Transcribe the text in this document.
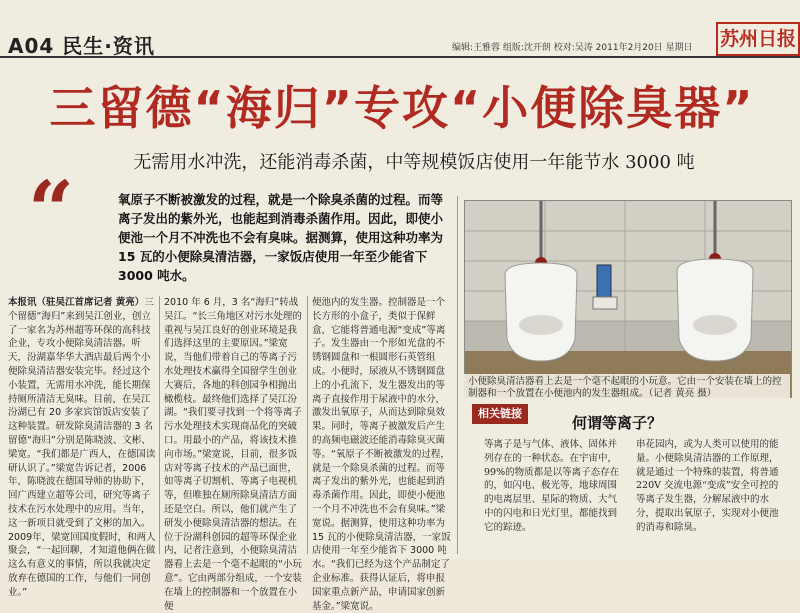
A04 民生·资讯	编辑:王雅蓉 组版:沈开朗 校对:吴涛 2011年2月20日 星期日 苏州日报
三留德“海归”专攻“小便除臭器”
无需用水冲洗，还能消毒杀菌，中等规模饭店使用一年能节水 3000 吨
“	氧原子不断被激发的过程，就是一个除臭杀菌的过程。而等离子发出的紫外光，也能起到消毒杀菌作用。因此，即使小便池一个月不冲洗也不会有臭味。据测算，使用这种功率为 15 瓦的小便除臭清洁器，一家饭店使用一年至少能省下 3000 吨水。
本报讯（驻吴江首席记者 黄亮）三个留德“海归”来到吴江创业，创立了一家名为苏州超等环保的高科技企业，专攻小便除臭清洁器。听天，汾湖嘉华华大酒店最后两个小便除臭清洁器安装完毕。经过这个小装置，无需用水冲洗，能长期保持厕所清洁无臭味。目前，在吴江汾湖已有 20 多家宾馆饭店安装了这种装置。研发除臭清洁器的 3 名留德“海归”分别是陈晓波、文彬、梁宽。“我们都是广西人，在德国读研认识了。”梁宽告诉记者，2006年，陈晓波在德国导师的协助下，回广西建立超等公司，研究等离子技术在污水处理中的应用。当年，这一新项目就受到了文彬的加入。2009年，梁宽回国度假时，和两人聚会，“一起回聊，才知道他俩在做这么有意义的事情，所以我就决定放弃在德国的工作，与他们一同创业。”
2010 年 6 月，3 名“海归”转战吴江。“长三角地区对污水处理的重视与吴江良好的创业环境是我们选择这里的主要原因。”梁宽说，当他们带着自己的等离子污水处理技术赢得全国留学生创业大赛后，各地的科创园争相抛出橄榄枝。最终他们选择了吴江汾湖。“我们要寻找到一个将等离子污水处理技术实现商品化的突破口。用最小的产品，将该技术推向市场。”梁宽说，目前，很多饭店对等离子技术的产品已面世，如等离子切割机、等离子电视机等，但唯独在厕所除臭清洁方面还是空白。所以，他们就产生了研发小便除臭清洁器的想法。在位于汾湖科创园的超等环保企业内，记者注意到，小便除臭清洁器看上去是一个毫不起眼的“小玩意”。它由两部分组成，一个安装在墙上的控制器和一个放置在小便
便池内的发生器。控制器是一个长方形的小盒子，类似于保鲜盒，它能将普通电源“变成”等离子。发生器由一个形如光盘的不锈钢圆盘和一根圆形石英管组成。小便时，尿液从不锈钢圆盘上的小孔流下，发生器发出的等离子直接作用于尿液中的水分，激发出氧原子，从而达到除臭效果。同时，等离子被激发后产生的高频电磁波还能消毒除臭灭菌等。“氧原子不断被激发的过程，就是一个除臭杀菌的过程。而等离子发出的紫外光，也能起到消毒杀菌作用。因此，即使小便池一个月不冲洗也不会有臭味。”梁宽说。据测算，使用这种功率为 15 瓦的小便除臭清洁器，一家饭店使用一年至少能省下 3000 吨水。“我们已经为这个产品制定了企业标准。获得认证后，将申报国家重点新产品，申请国家创新基金。”梁宽说。
小便除臭清洁器看上去是一个毫不起眼的小玩意。它由一个安装在墙上的控制器和一个放置在小便池内的发生器组成。（记者 黄亮 摄）
相关链接
何谓等离子？
等离子是与气体、液体、固体并列存在的一种状态。在宇宙中，99%的物质都是以等离子态存在的，如闪电、极光等，地球周围的电离层里、星际的物质、大气中的闪电和日光灯里，都能找到它的踪迹。
串花园内，或为人类可以使用的能量。小便除臭清洁器的工作原理，就是通过一个特殊的装置，将普通 220V 交流电源“变成”安全可控的等离子发生器，分解尿液中的水分，提取出氧原子，实现对小便池的消毒和除臭。
